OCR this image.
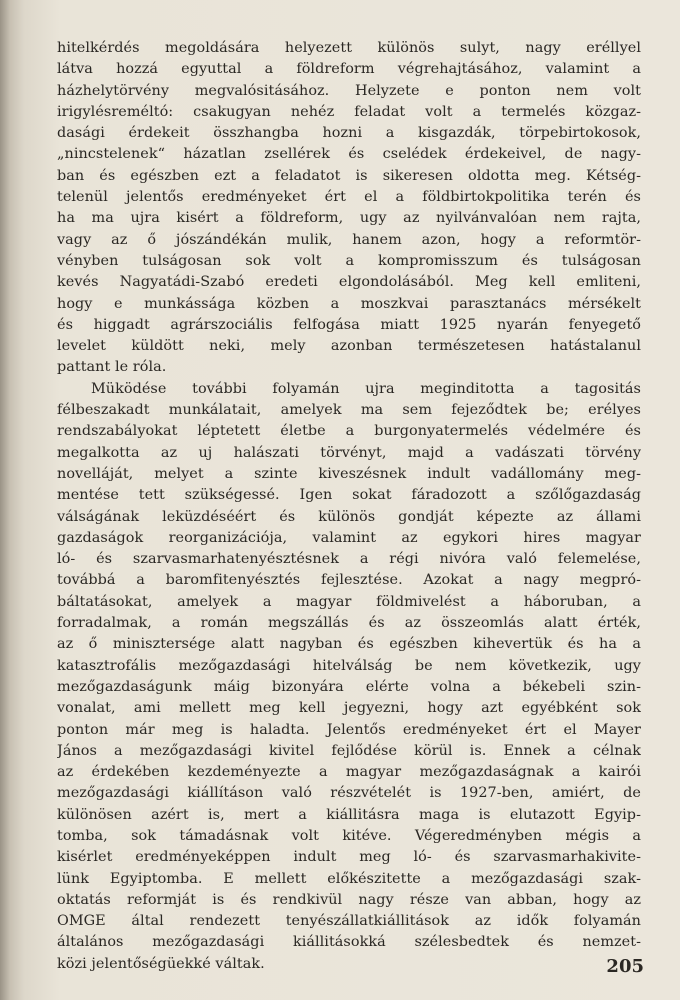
hitelkérdés megoldására helyezett különös sulyt, nagy eréllyel
látva hozzá egyuttal a földreform végrehajtásához, valamint a
házhelytörvény megvalósitásához. Helyzete e ponton nem volt
irigylésreméltó: csakugyan nehéz feladat volt a termelés közgaz-
dasági érdekeit összhangba hozni a kisgazdák, törpebirtokosok,
„nincstelenek“ házatlan zsellérek és cselédek érdekeivel, de nagy-
ban és egészben ezt a feladatot is sikeresen oldotta meg. Kétség-
telenül jelentős eredményeket ért el a földbirtokpolitika terén és
ha ma ujra kisért a földreform, ugy az nyilvánvalóan nem rajta,
vagy az ő jószándékán mulik, hanem azon, hogy a reformtör-
vényben tulságosan sok volt a kompromisszum és tulságosan
kevés Nagyatádi-Szabó eredeti elgondolásából. Meg kell emliteni,
hogy e munkássága közben a moszkvai parasztanács mérsékelt
és higgadt agrárszociális felfogása miatt 1925 nyarán fenyegető
levelet küldött neki, mely azonban természetesen hatástalanul
pattant le róla.
Müködése további folyamán ujra meginditotta a tagositás
félbeszakadt munkálatait, amelyek ma sem fejeződtek be; erélyes
rendszabályokat léptetett életbe a burgonyatermelés védelmére és
megalkotta az uj halászati törvényt, majd a vadászati törvény
novelláját, melyet a szinte kiveszésnek indult vadállomány meg-
mentése tett szükségessé. Igen sokat fáradozott a szőlőgazdaság
válságának leküzdéséért és különös gondját képezte az állami
gazdaságok reorganizációja, valamint az egykori hires magyar
ló- és szarvasmarhatenyésztésnek a régi nivóra való felemelése,
továbbá a baromfitenyésztés fejlesztése. Azokat a nagy megpró-
báltatásokat, amelyek a magyar földmivelést a háboruban, a
forradalmak, a román megszállás és az összeomlás alatt érték,
az ő minisztersége alatt nagyban és egészben kihevertük és ha a
katasztrofális mezőgazdasági hitelválság be nem következik, ugy
mezőgazdaságunk máig bizonyára elérte volna a békebeli szin-
vonalat, ami mellett meg kell jegyezni, hogy azt egyébként sok
ponton már meg is haladta. Jelentős eredményeket ért el Mayer
János a mezőgazdasági kivitel fejlődése körül is. Ennek a célnak
az érdekében kezdeményezte a magyar mezőgazdaságnak a kairói
mezőgazdasági kiállításon való részvételét is 1927-ben, amiért, de
különösen azért is, mert a kiállitásra maga is elutazott Egyip-
tomba, sok támadásnak volt kitéve. Végeredményben mégis a
kisérlet eredményeképpen indult meg ló- és szarvasmarhakivite-
lünk Egyiptomba. E mellett előkészitette a mezőgazdasági szak-
oktatás reformját is és rendkivül nagy része van abban, hogy az
OMGE által rendezett tenyészállatkiállitások az idők folyamán
általános mezőgazdasági kiállitásokká szélesbedtek és nemzet-
közi jelentőségüekké váltak.	205
